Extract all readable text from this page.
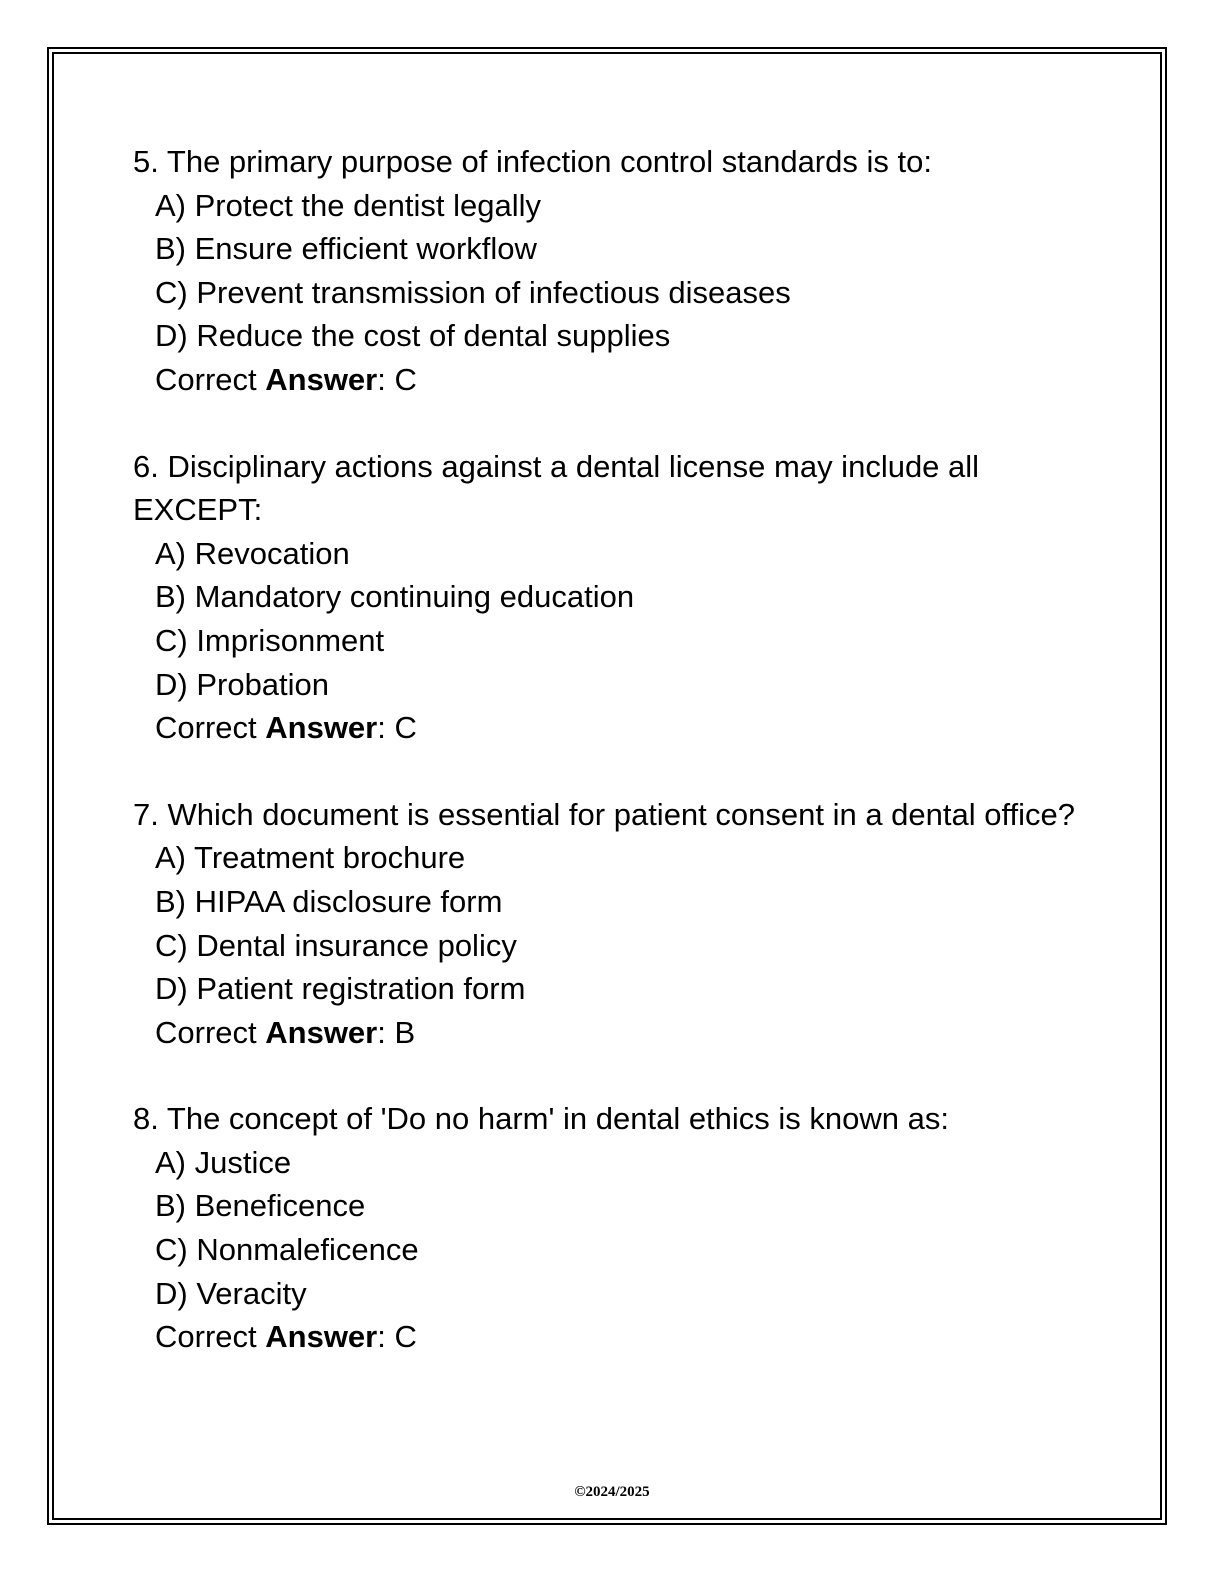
5. The primary purpose of infection control standards is to:

A) Protect the dentist legally
B) Ensure efficient workflow
C) Prevent transmission of infectious diseases
D) Reduce the cost of dental supplies
Correct Answer: C

6. Disciplinary actions against a dental license may include all EXCEPT:

A) Revocation
B) Mandatory continuing education
C) Imprisonment
D) Probation
Correct Answer: C

7. Which document is essential for patient consent in a dental office?

A) Treatment brochure
B) HIPAA disclosure form
C) Dental insurance policy
D) Patient registration form
Correct Answer: B

8. The concept of 'Do no harm' in dental ethics is known as:

A) Justice
B) Beneficence
C) Nonmaleficence
D) Veracity
Correct Answer: C
©2024/2025
